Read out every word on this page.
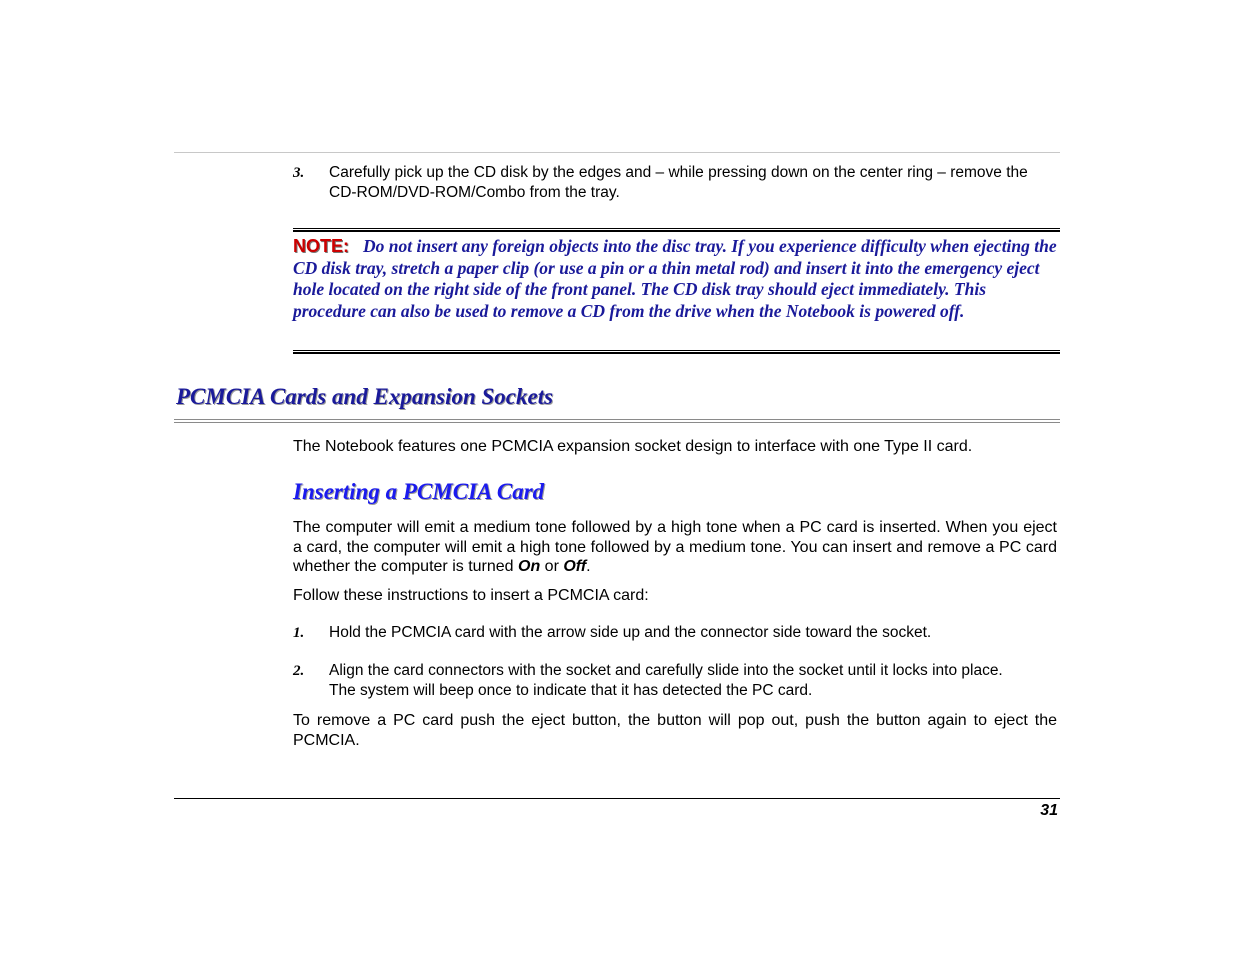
3. Carefully pick up the CD disk by the edges and – while pressing down on the center ring – remove the CD-ROM/DVD-ROM/Combo from the tray.
NOTE: Do not insert any foreign objects into the disc tray. If you experience difficulty when ejecting the CD disk tray, stretch a paper clip (or use a pin or a thin metal rod) and insert it into the emergency eject hole located on the right side of the front panel. The CD disk tray should eject immediately. This procedure can also be used to remove a CD from the drive when the Notebook is powered off.
PCMCIA Cards and Expansion Sockets
The Notebook features one PCMCIA expansion socket design to interface with one Type II card.
Inserting a PCMCIA Card
The computer will emit a medium tone followed by a high tone when a PC card is inserted. When you eject a card, the computer will emit a high tone followed by a medium tone. You can insert and remove a PC card whether the computer is turned On or Off.
Follow these instructions to insert a PCMCIA card:
1. Hold the PCMCIA card with the arrow side up and the connector side toward the socket.
2. Align the card connectors with the socket and carefully slide into the socket until it locks into place. The system will beep once to indicate that it has detected the PC card.
To remove a PC card push the eject button, the button will pop out, push the button again to eject the PCMCIA.
31
